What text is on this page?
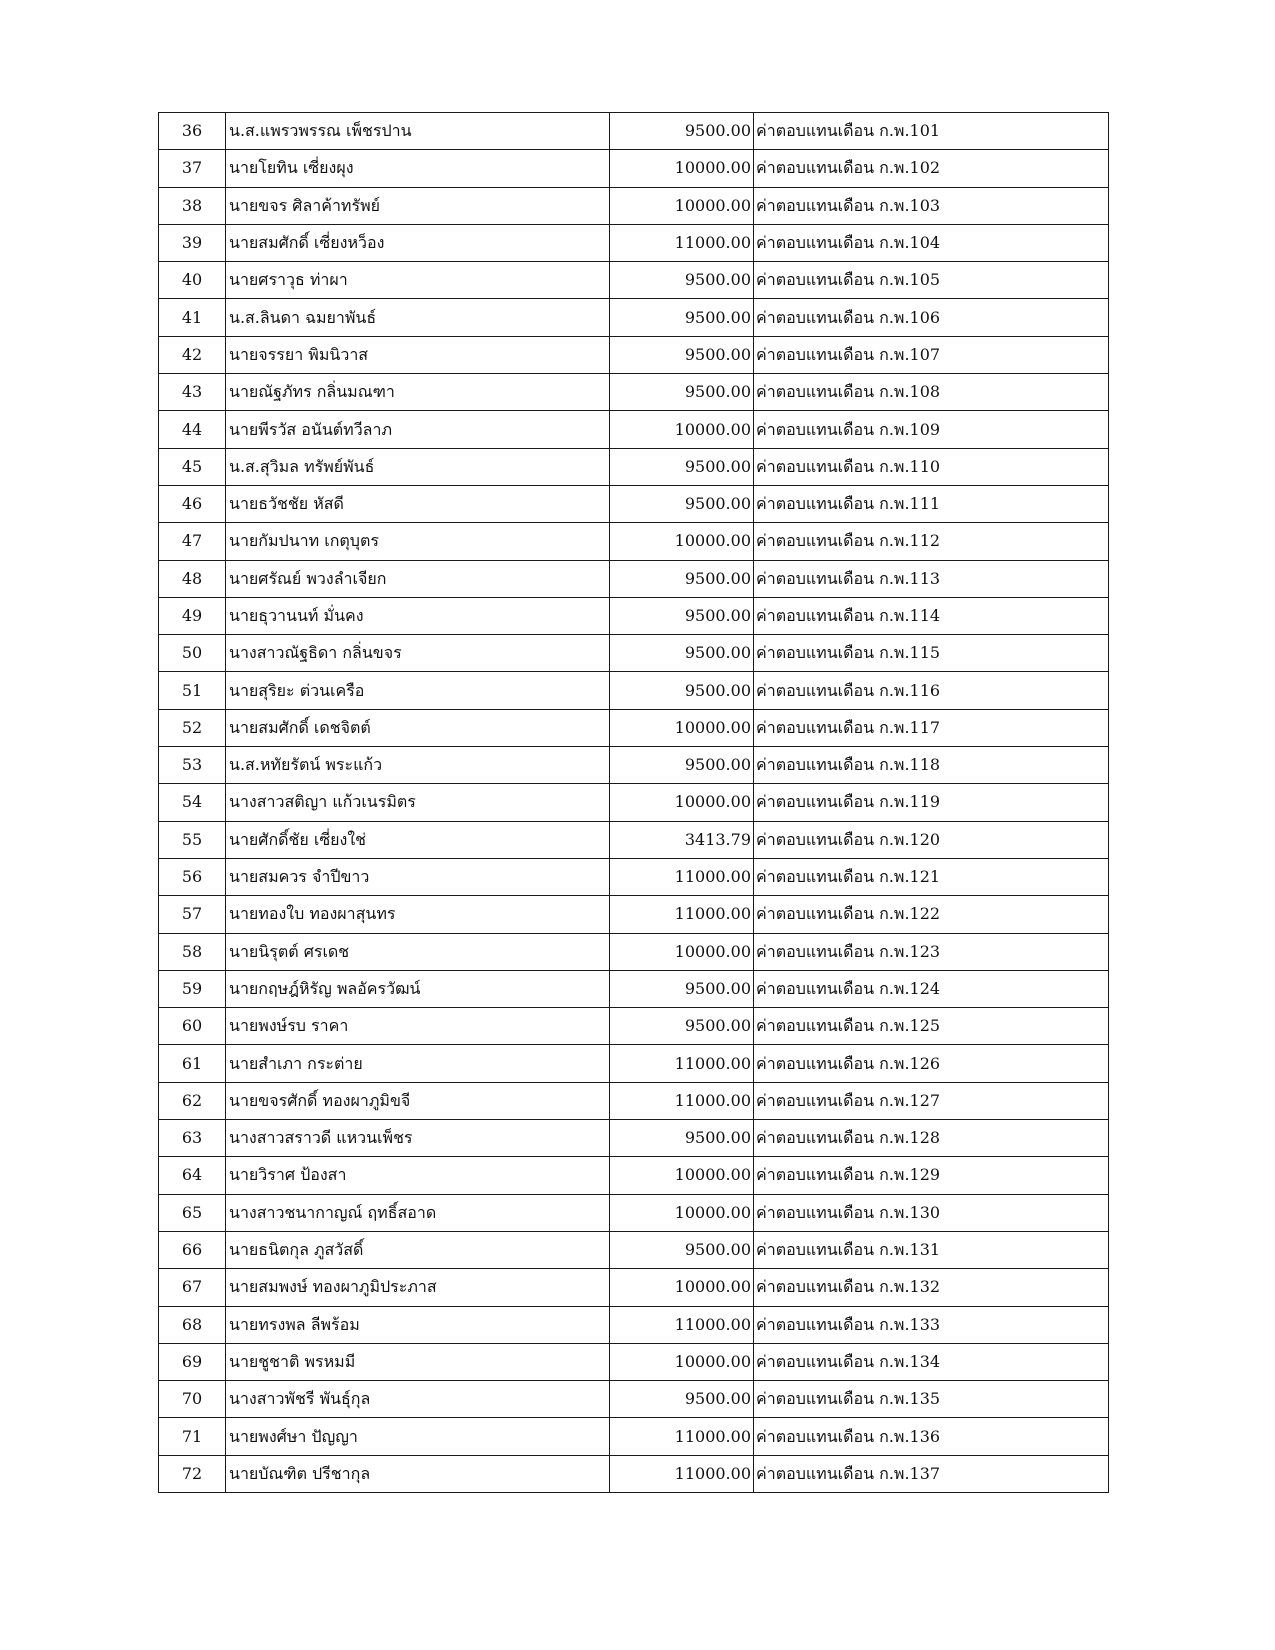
36	น.ส.แพรวพรรณ เพ็ชรปาน	9500.00	ค่าตอบแทนเดือน ก.พ.101
37	นายโยทิน เซี่ยงผุง	10000.00	ค่าตอบแทนเดือน ก.พ.102
38	นายขจร ศิลาค้าทรัพย์	10000.00	ค่าตอบแทนเดือน ก.พ.103
39	นายสมศักดิ์ เซี่ยงหว็อง	11000.00	ค่าตอบแทนเดือน ก.พ.104
40	นายศราวุธ ท่าผา	9500.00	ค่าตอบแทนเดือน ก.พ.105
41	น.ส.ลินดา ฉมยาพันธ์	9500.00	ค่าตอบแทนเดือน ก.พ.106
42	นายจรรยา พิมนิวาส	9500.00	ค่าตอบแทนเดือน ก.พ.107
43	นายณัฐภัทร กลิ่นมณฑา	9500.00	ค่าตอบแทนเดือน ก.พ.108
44	นายพีรวัส อนันต์ทวีลาภ	10000.00	ค่าตอบแทนเดือน ก.พ.109
45	น.ส.สุวิมล ทรัพย์พันธ์	9500.00	ค่าตอบแทนเดือน ก.พ.110
46	นายธวัชชัย หัสดี	9500.00	ค่าตอบแทนเดือน ก.พ.111
47	นายกัมปนาท เกตุบุตร	10000.00	ค่าตอบแทนเดือน ก.พ.112
48	นายศรัณย์ พวงลำเจียก	9500.00	ค่าตอบแทนเดือน ก.พ.113
49	นายธุวานนท์ มั่นคง	9500.00	ค่าตอบแทนเดือน ก.พ.114
50	นางสาวณัฐธิดา กลิ่นขจร	9500.00	ค่าตอบแทนเดือน ก.พ.115
51	นายสุริยะ ต่วนเครือ	9500.00	ค่าตอบแทนเดือน ก.พ.116
52	นายสมศักดิ์ เดชจิตต์	10000.00	ค่าตอบแทนเดือน ก.พ.117
53	น.ส.หทัยรัตน์ พระแก้ว	9500.00	ค่าตอบแทนเดือน ก.พ.118
54	นางสาวสติญา แก้วเนรมิตร	10000.00	ค่าตอบแทนเดือน ก.พ.119
55	นายศักดิ์ชัย เซี่ยงใช่	3413.79	ค่าตอบแทนเดือน ก.พ.120
56	นายสมควร จำปีขาว	11000.00	ค่าตอบแทนเดือน ก.พ.121
57	นายทองใบ ทองผาสุนทร	11000.00	ค่าตอบแทนเดือน ก.พ.122
58	นายนิรุตต์ ศรเดช	10000.00	ค่าตอบแทนเดือน ก.พ.123
59	นายกฤษฎ์หิรัญ พลอัครวัฒน์	9500.00	ค่าตอบแทนเดือน ก.พ.124
60	นายพงษ์รบ ราคา	9500.00	ค่าตอบแทนเดือน ก.พ.125
61	นายสำเภา กระต่าย	11000.00	ค่าตอบแทนเดือน ก.พ.126
62	นายขจรศักดิ์ ทองผาภูมิขจี	11000.00	ค่าตอบแทนเดือน ก.พ.127
63	นางสาวสราวดี แหวนเพ็ชร	9500.00	ค่าตอบแทนเดือน ก.พ.128
64	นายวิราศ ป้องสา	10000.00	ค่าตอบแทนเดือน ก.พ.129
65	นางสาวชนากาญณ์ ฤทธิ์สอาด	10000.00	ค่าตอบแทนเดือน ก.พ.130
66	นายธนิตกุล ภูสวัสดิ์	9500.00	ค่าตอบแทนเดือน ก.พ.131
67	นายสมพงษ์ ทองผาภูมิประภาส	10000.00	ค่าตอบแทนเดือน ก.พ.132
68	นายทรงพล ลีพร้อม	11000.00	ค่าตอบแทนเดือน ก.พ.133
69	นายชูชาติ พรหมมี	10000.00	ค่าตอบแทนเดือน ก.พ.134
70	นางสาวพัชรี พันธุ์กุล	9500.00	ค่าตอบแทนเดือน ก.พ.135
71	นายพงศ์ษา ปัญญา	11000.00	ค่าตอบแทนเดือน ก.พ.136
72	นายบัณฑิต ปรีชากุล	11000.00	ค่าตอบแทนเดือน ก.พ.137
